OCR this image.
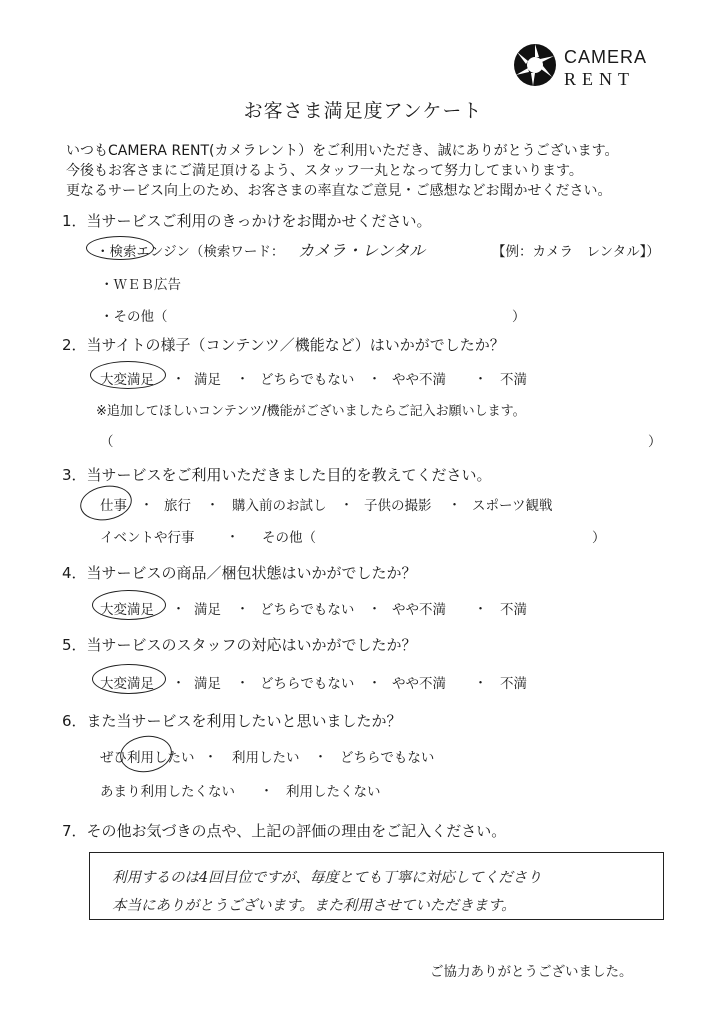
CAMERA
RENT
お客さま満足度アンケート
いつもCAMERA RENT(カメラレント）をご利用いただき、誠にありがとうございます。
今後もお客さまにご満足頂けるよう、スタッフ一丸となって努力してまいります。
更なるサービス向上のため、お客さまの率直なご意見・ご感想などお聞かせください。
1．当サービスご利用のきっかけをお聞かせください。
・検索エンジン（検索ワード： カメラ・レンタル	【例：カメラ　レンタル】）
・ＷＥＢ広告
・その他（	）
2．当サイトの様子（コンテンツ／機能など）はいかがでしたか？
大変満足 ・ 満足 ・ どちらでもない ・ やや不満 ・ 不満
※追加してほしいコンテンツ/機能がございましたらご記入お願いします。
（	）
3．当サービスをご利用いただきました目的を教えてください。
仕事 ・ 旅行 ・ 購入前のお試し ・ 子供の撮影 ・ スポーツ観戦
イベントや行事 ・ その他（	）
4．当サービスの商品／梱包状態はいかがでしたか？
大変満足 ・ 満足 ・ どちらでもない ・ やや不満 ・ 不満
5．当サービスのスタッフの対応はいかがでしたか？
大変満足 ・ 満足 ・ どちらでもない ・ やや不満 ・ 不満
6．また当サービスを利用したいと思いましたか？
ぜひ利用したい ・ 利用したい ・ どちらでもない
あまり利用したくない ・ 利用したくない
7．その他お気づきの点や、上記の評価の理由をご記入ください。
利用するのは4回目位ですが、毎度とても丁寧に対応してくださり
本当にありがとうございます。また利用させていただきます。
ご協力ありがとうございました。
